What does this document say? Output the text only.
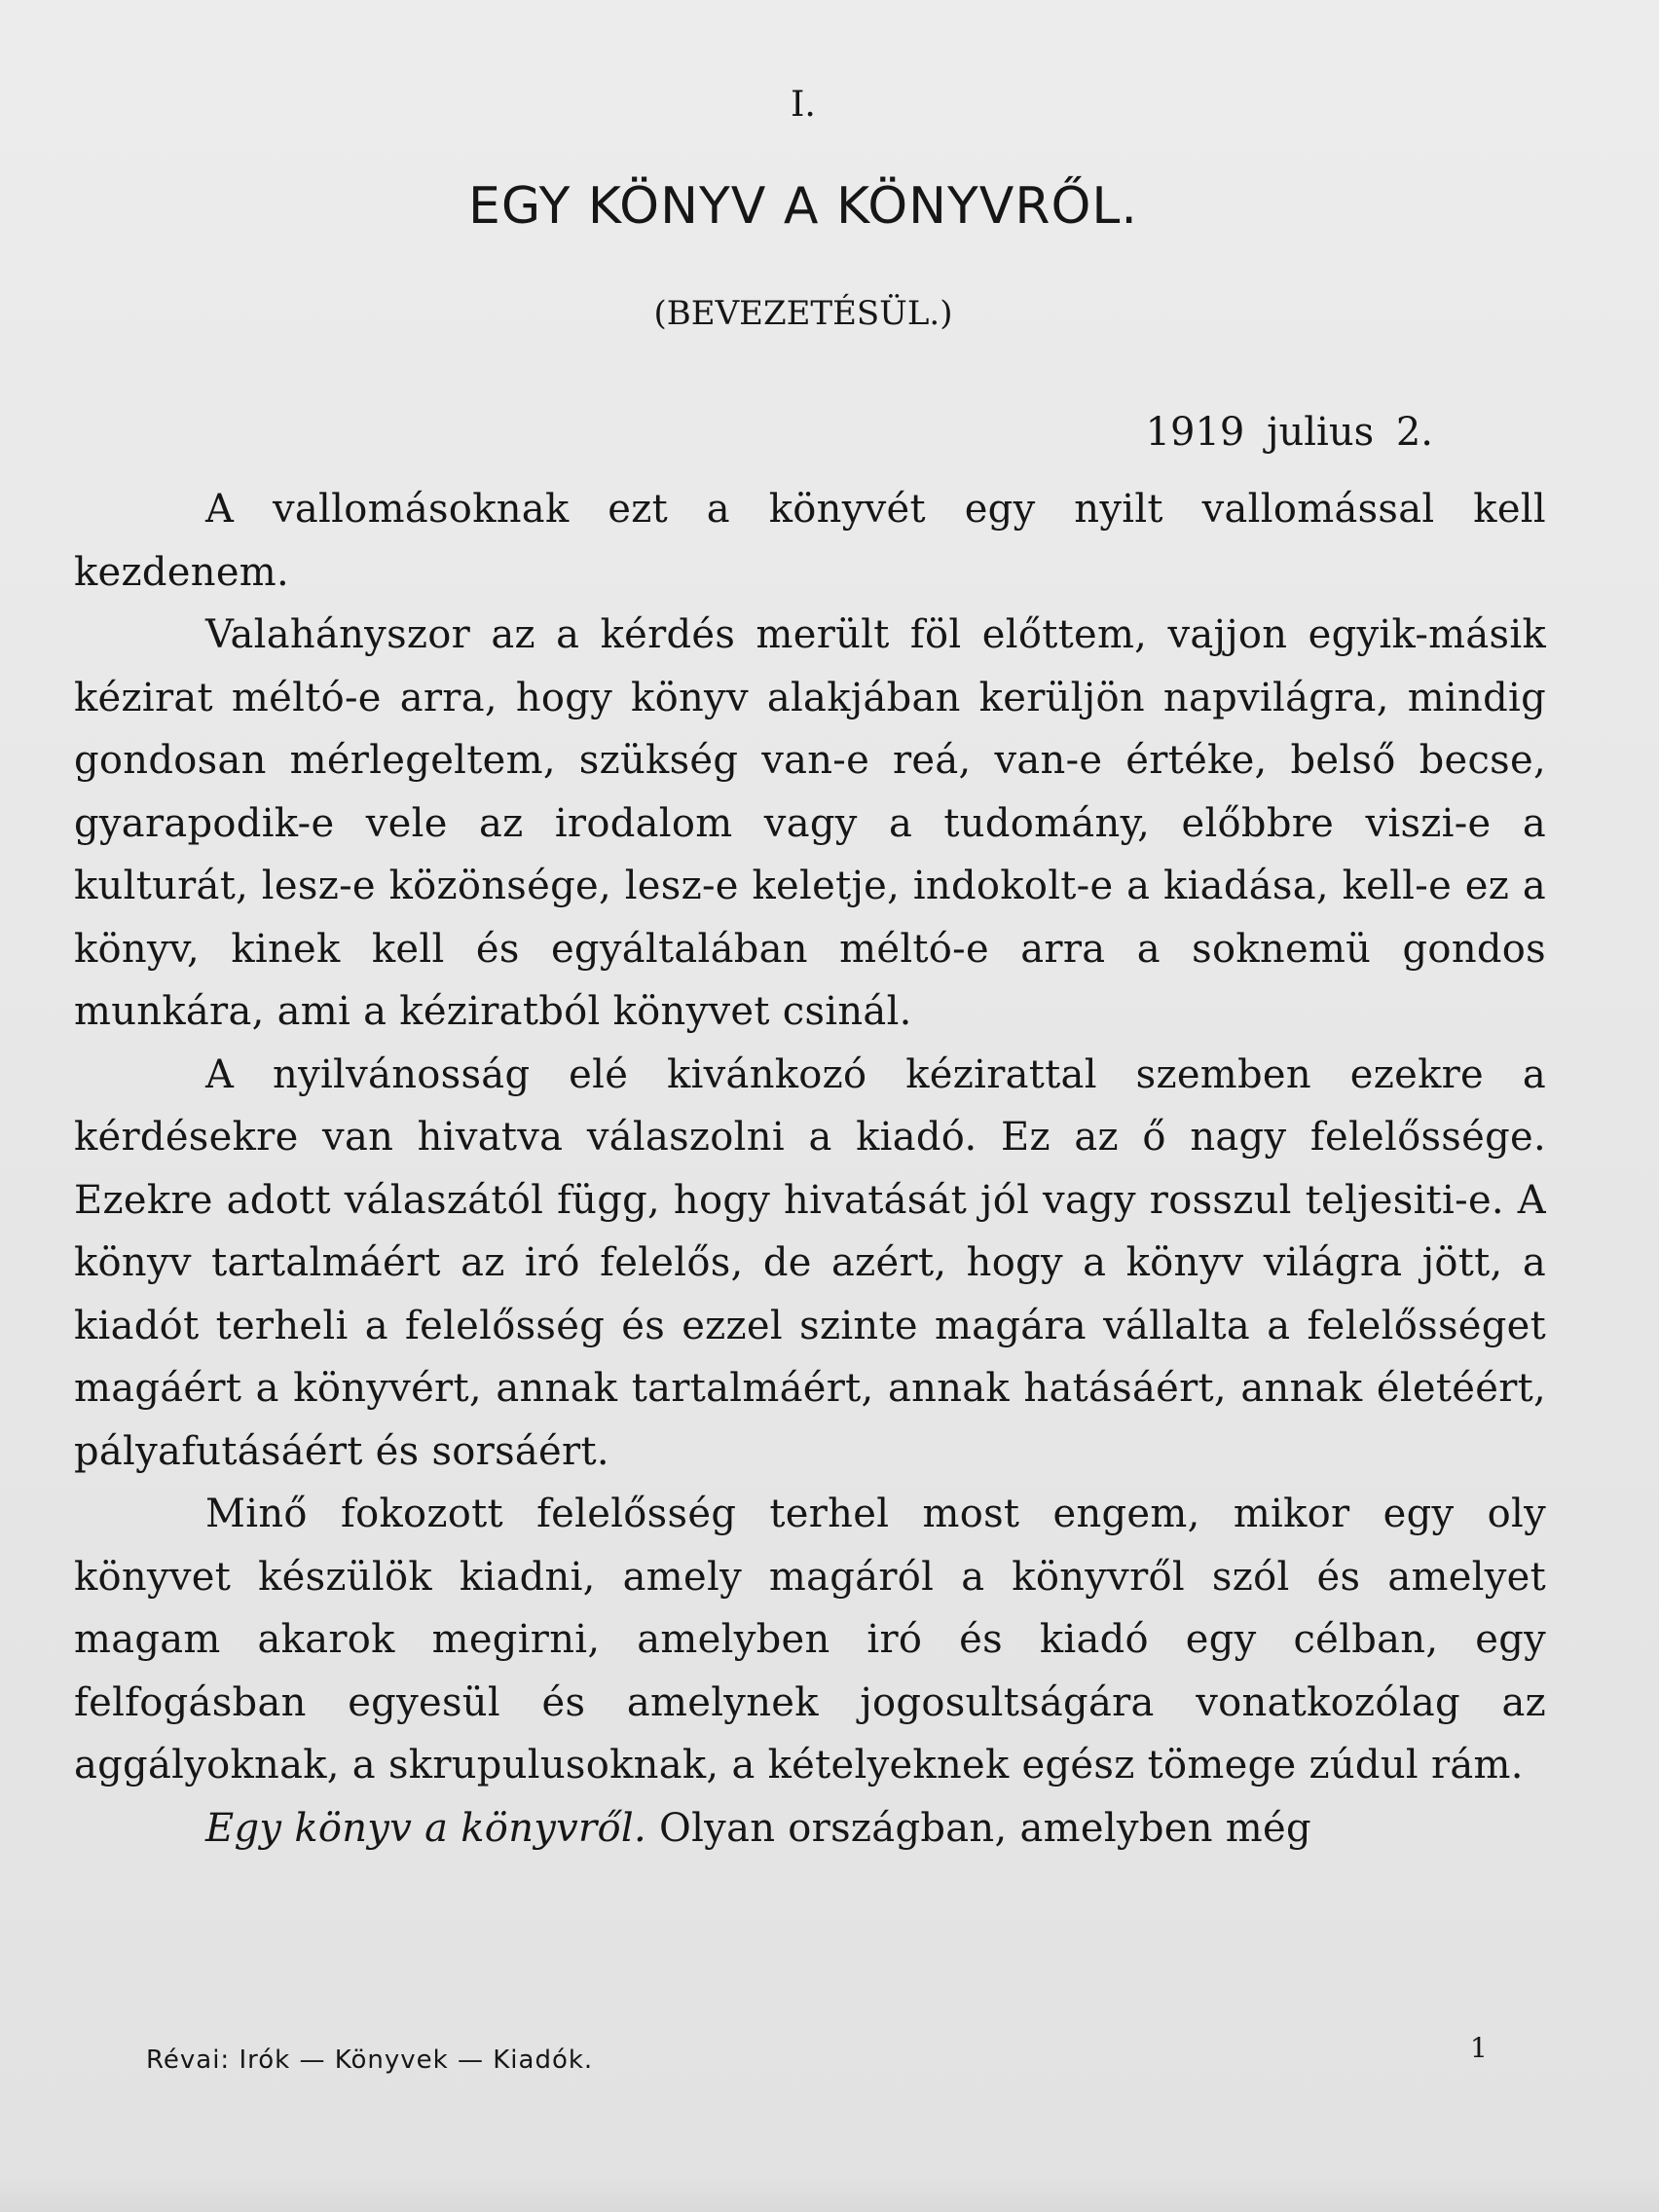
I.
EGY KÖNYV A KÖNYVRŐL.
(BEVEZETÉSÜL.)
1919 julius 2.

A vallomásoknak ezt a könyvét egy nyilt vallomással kell kezdenem.

Valahányszor az a kérdés merült föl előttem, vajjon egyik-másik kézirat méltó-e arra, hogy könyv alakjában kerüljön napvilágra, mindig gondosan mérlegeltem, szükség van-e reá, van-e értéke, belső becse, gyarapodik-e vele az irodalom vagy a tudomány, előbbre viszi-e a kulturát, lesz-e közönsége, lesz-e keletje, indokolt-e a kiadása, kell-e ez a könyv, kinek kell és egyáltalában méltó-e arra a soknemü gondos munkára, ami a kéziratból könyvet csinál.

A nyilvánosság elé kivánkozó kézirattal szemben ezekre a kérdésekre van hivatva válaszolni a kiadó. Ez az ő nagy felelőssége. Ezekre adott válaszától függ, hogy hivatását jól vagy rosszul teljesiti-e. A könyv tartalmáért az iró felelős, de azért, hogy a könyv világra jött, a kiadót terheli a felelősség és ezzel szinte magára vállalta a felelősséget magáért a könyvért, annak tartalmáért, annak hatásáért, annak életéért, pályafutásáért és sorsáért.

Minő fokozott felelősség terhel most engem, mikor egy oly könyvet készülök kiadni, amely magáról a könyvről szól és amelyet magam akarok megirni, amelyben iró és kiadó egy célban, egy felfogásban egyesül és amelynek jogosultságára vonatkozólag az aggályoknak, a skrupulusoknak, a kételyeknek egész tömege zúdul rám.

Egy könyv a könyvről. Olyan országban, amelyben még

Révai: Irók — Könyvek — Kiadók.	1
